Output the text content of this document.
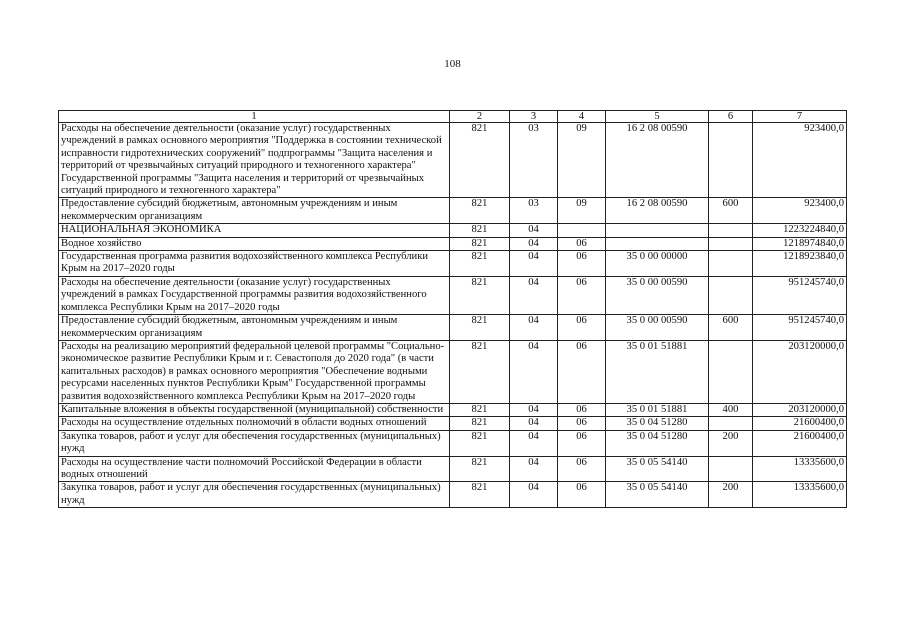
108
1	2	3	4	5	6	7
Расходы на обеспечение деятельности (оказание услуг) государственных учреждений в рамках основного мероприятия "Поддержка в состоянии технической исправности гидротехнических сооружений" подпрограммы "Защита населения и территорий от чрезвычайных ситуаций природного и техногенного характера" Государственной программы "Защита населения и территорий от чрезвычайных ситуаций природного и техногенного характера"	821	03	09	16 2 08 00590		923400,0
Предоставление субсидий бюджетным, автономным учреждениям и иным некоммерческим организациям	821	03	09	16 2 08 00590	600	923400,0
НАЦИОНАЛЬНАЯ ЭКОНОМИКА	821	04				1223224840,0
Водное хозяйство	821	04	06			1218974840,0
Государственная программа развития водохозяйственного комплекса Республики Крым на 2017–2020 годы	821	04	06	35 0 00 00000		1218923840,0
Расходы на обеспечение деятельности (оказание услуг) государственных учреждений в рамках Государственной программы развития водохозяйственного комплекса Республики Крым на 2017–2020 годы	821	04	06	35 0 00 00590		951245740,0
Предоставление субсидий бюджетным, автономным учреждениям и иным некоммерческим организациям	821	04	06	35 0 00 00590	600	951245740,0
Расходы на реализацию мероприятий федеральной целевой программы "Социально-экономическое развитие Республики Крым и г. Севастополя до 2020 года" (в части капитальных расходов) в рамках основного мероприятия "Обеспечение водными ресурсами населенных пунктов Республики Крым" Государственной программы развития водохозяйственного комплекса Республики Крым на 2017–2020 годы	821	04	06	35 0 01 51881		203120000,0
Капитальные вложения в объекты государственной (муниципальной) собственности	821	04	06	35 0 01 51881	400	203120000,0
Расходы на осуществление отдельных полномочий в области водных отношений	821	04	06	35 0 04 51280		21600400,0
Закупка товаров, работ и услуг для обеспечения государственных (муниципальных) нужд	821	04	06	35 0 04 51280	200	21600400,0
Расходы на осуществление части полномочий Российской Федерации в области водных отношений	821	04	06	35 0 05 54140		13335600,0
Закупка товаров, работ и услуг для обеспечения государственных (муниципальных) нужд	821	04	06	35 0 05 54140	200	13335600,0
